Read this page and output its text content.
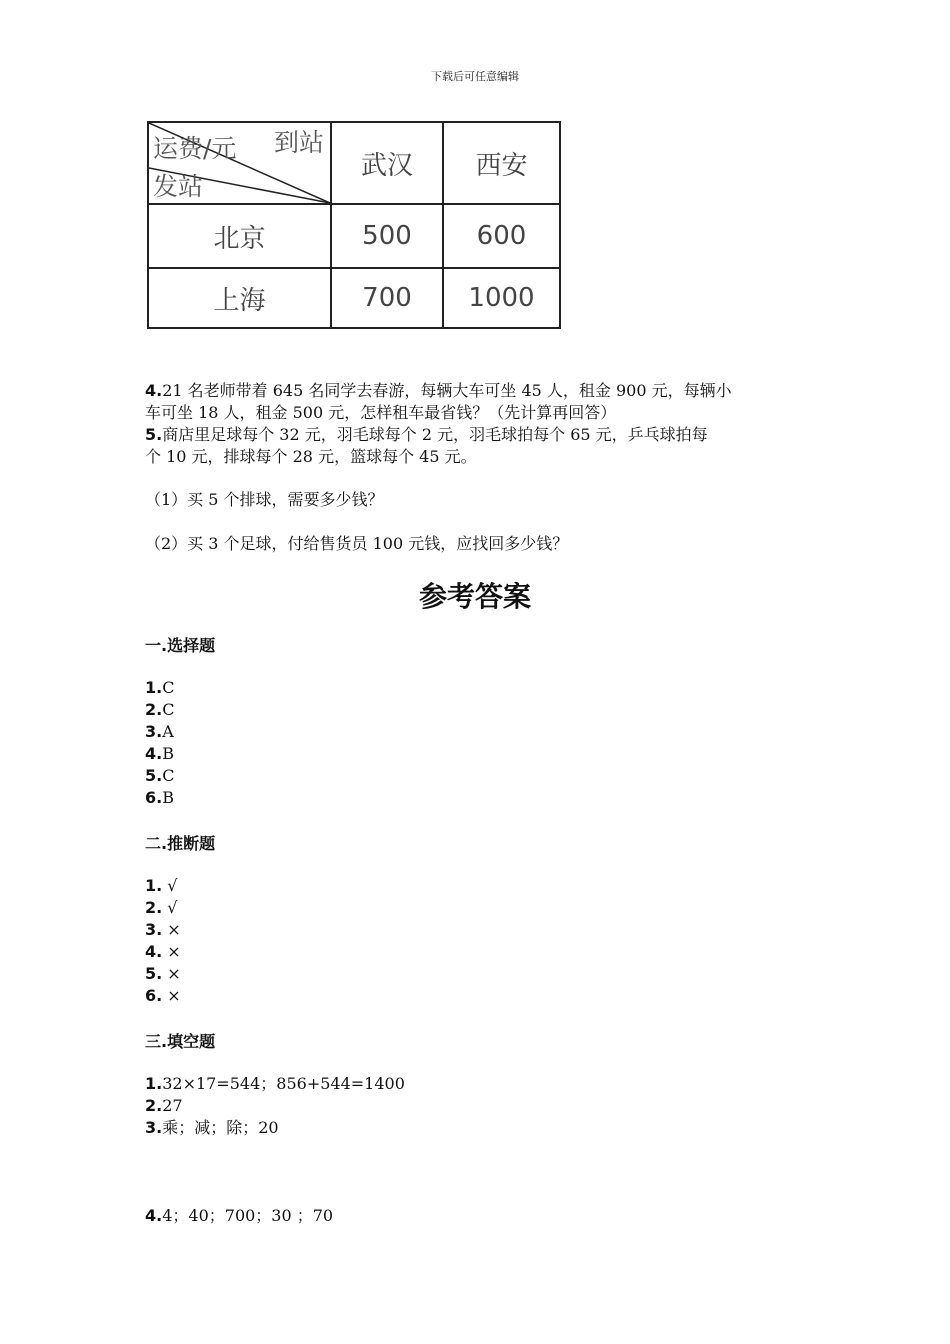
下载后可任意编辑
运费/元 到站
发站	武汉	西安
北京	500	600
上海	700	1000
4.21 名老师带着 645 名同学去春游，每辆大车可坐 45 人，租金 900 元，每辆小
车可坐 18 人，租金 500 元，怎样租车最省钱？（先计算再回答）
5.商店里足球每个 32 元，羽毛球每个 2 元，羽毛球拍每个 65 元，乒乓球拍每
个 10 元，排球每个 28 元，篮球每个 45 元。
（1）买 5 个排球，需要多少钱？
（2）买 3 个足球，付给售货员 100 元钱，应找回多少钱？
参考答案
一.选择题
1.C
2.C
3.A
4.B
5.C
6.B
二.推断题
1. √
2. √
3. ×
4. ×
5. ×
6. ×
三.填空题
1.32×17=544；856+544=1400
2.27
3.乘；减；除；20
4.4；40；700；30 ；70
